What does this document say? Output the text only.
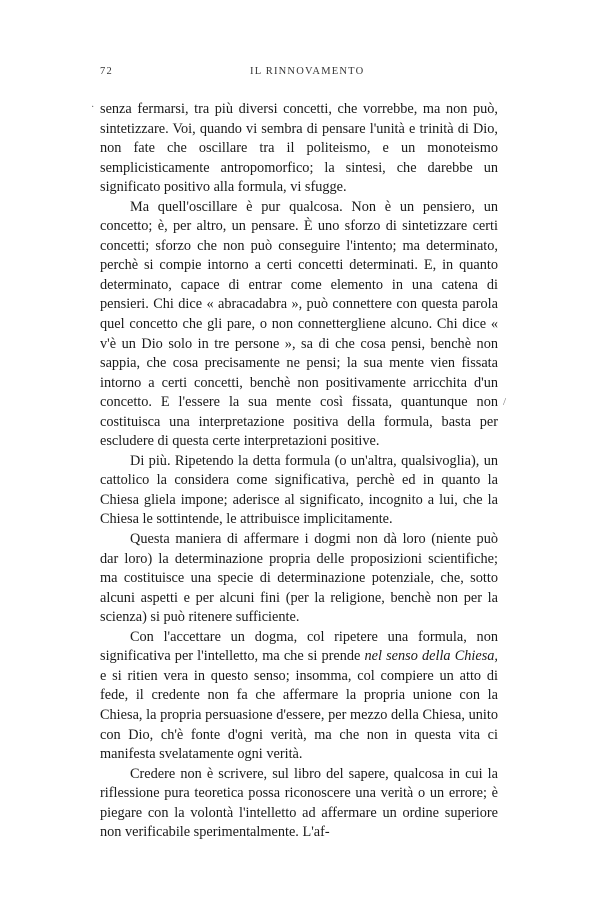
72	IL RINNOVAMENTO
·
/

senza fermarsi, tra più diversi concetti, che vorrebbe, ma non può, sintetizzare. Voi, quando vi sembra di pensare l'unità e trinità di Dio, non fate che oscillare tra il politeismo, e un monoteismo semplicisticamente antropomorfico; la sintesi, che darebbe un significato positivo alla formula, vi sfugge.

Ma quell'oscillare è pur qualcosa. Non è un pensiero, un concetto; è, per altro, un pensare. È uno sforzo di sintetizzare certi concetti; sforzo che non può conseguire l'intento; ma determinato, perchè si compie intorno a certi concetti determinati. E, in quanto determinato, capace di entrar come elemento in una catena di pensieri. Chi dice « abracadabra », può connettere con questa parola quel concetto che gli pare, o non connettergliene alcuno. Chi dice « v'è un Dio solo in tre persone », sa di che cosa pensi, benchè non sappia, che cosa precisamente ne pensi; la sua mente vien fissata intorno a certi concetti, benchè non positivamente arricchita d'un concetto. E l'essere la sua mente così fissata, quantunque non costituisca una interpretazione positiva della formula, basta per escludere di questa certe interpretazioni positive.

Di più. Ripetendo la detta formula (o un'altra, qualsivoglia), un cattolico la considera come significativa, perchè ed in quanto la Chiesa gliela impone; aderisce al significato, incognito a lui, che la Chiesa le sottintende, le attribuisce implicitamente.

Questa maniera di affermare i dogmi non dà loro (niente può dar loro) la determinazione propria delle proposizioni scientifiche; ma costituisce una specie di determinazione potenziale, che, sotto alcuni aspetti e per alcuni fini (per la religione, benchè non per la scienza) si può ritenere sufficiente.

Con l'accettare un dogma, col ripetere una formula, non significativa per l'intelletto, ma che si prende nel senso della Chiesa, e si ritien vera in questo senso; insomma, col compiere un atto di fede, il credente non fa che affermare la propria unione con la Chiesa, la propria persuasione d'essere, per mezzo della Chiesa, unito con Dio, ch'è fonte d'ogni verità, ma che non in questa vita ci manifesta svelatamente ogni verità.

Credere non è scrivere, sul libro del sapere, qualcosa in cui la riflessione pura teoretica possa riconoscere una verità o un errore; è piegare con la volontà l'intelletto ad affermare un ordine superiore non verificabile sperimentalmente. L'af-
